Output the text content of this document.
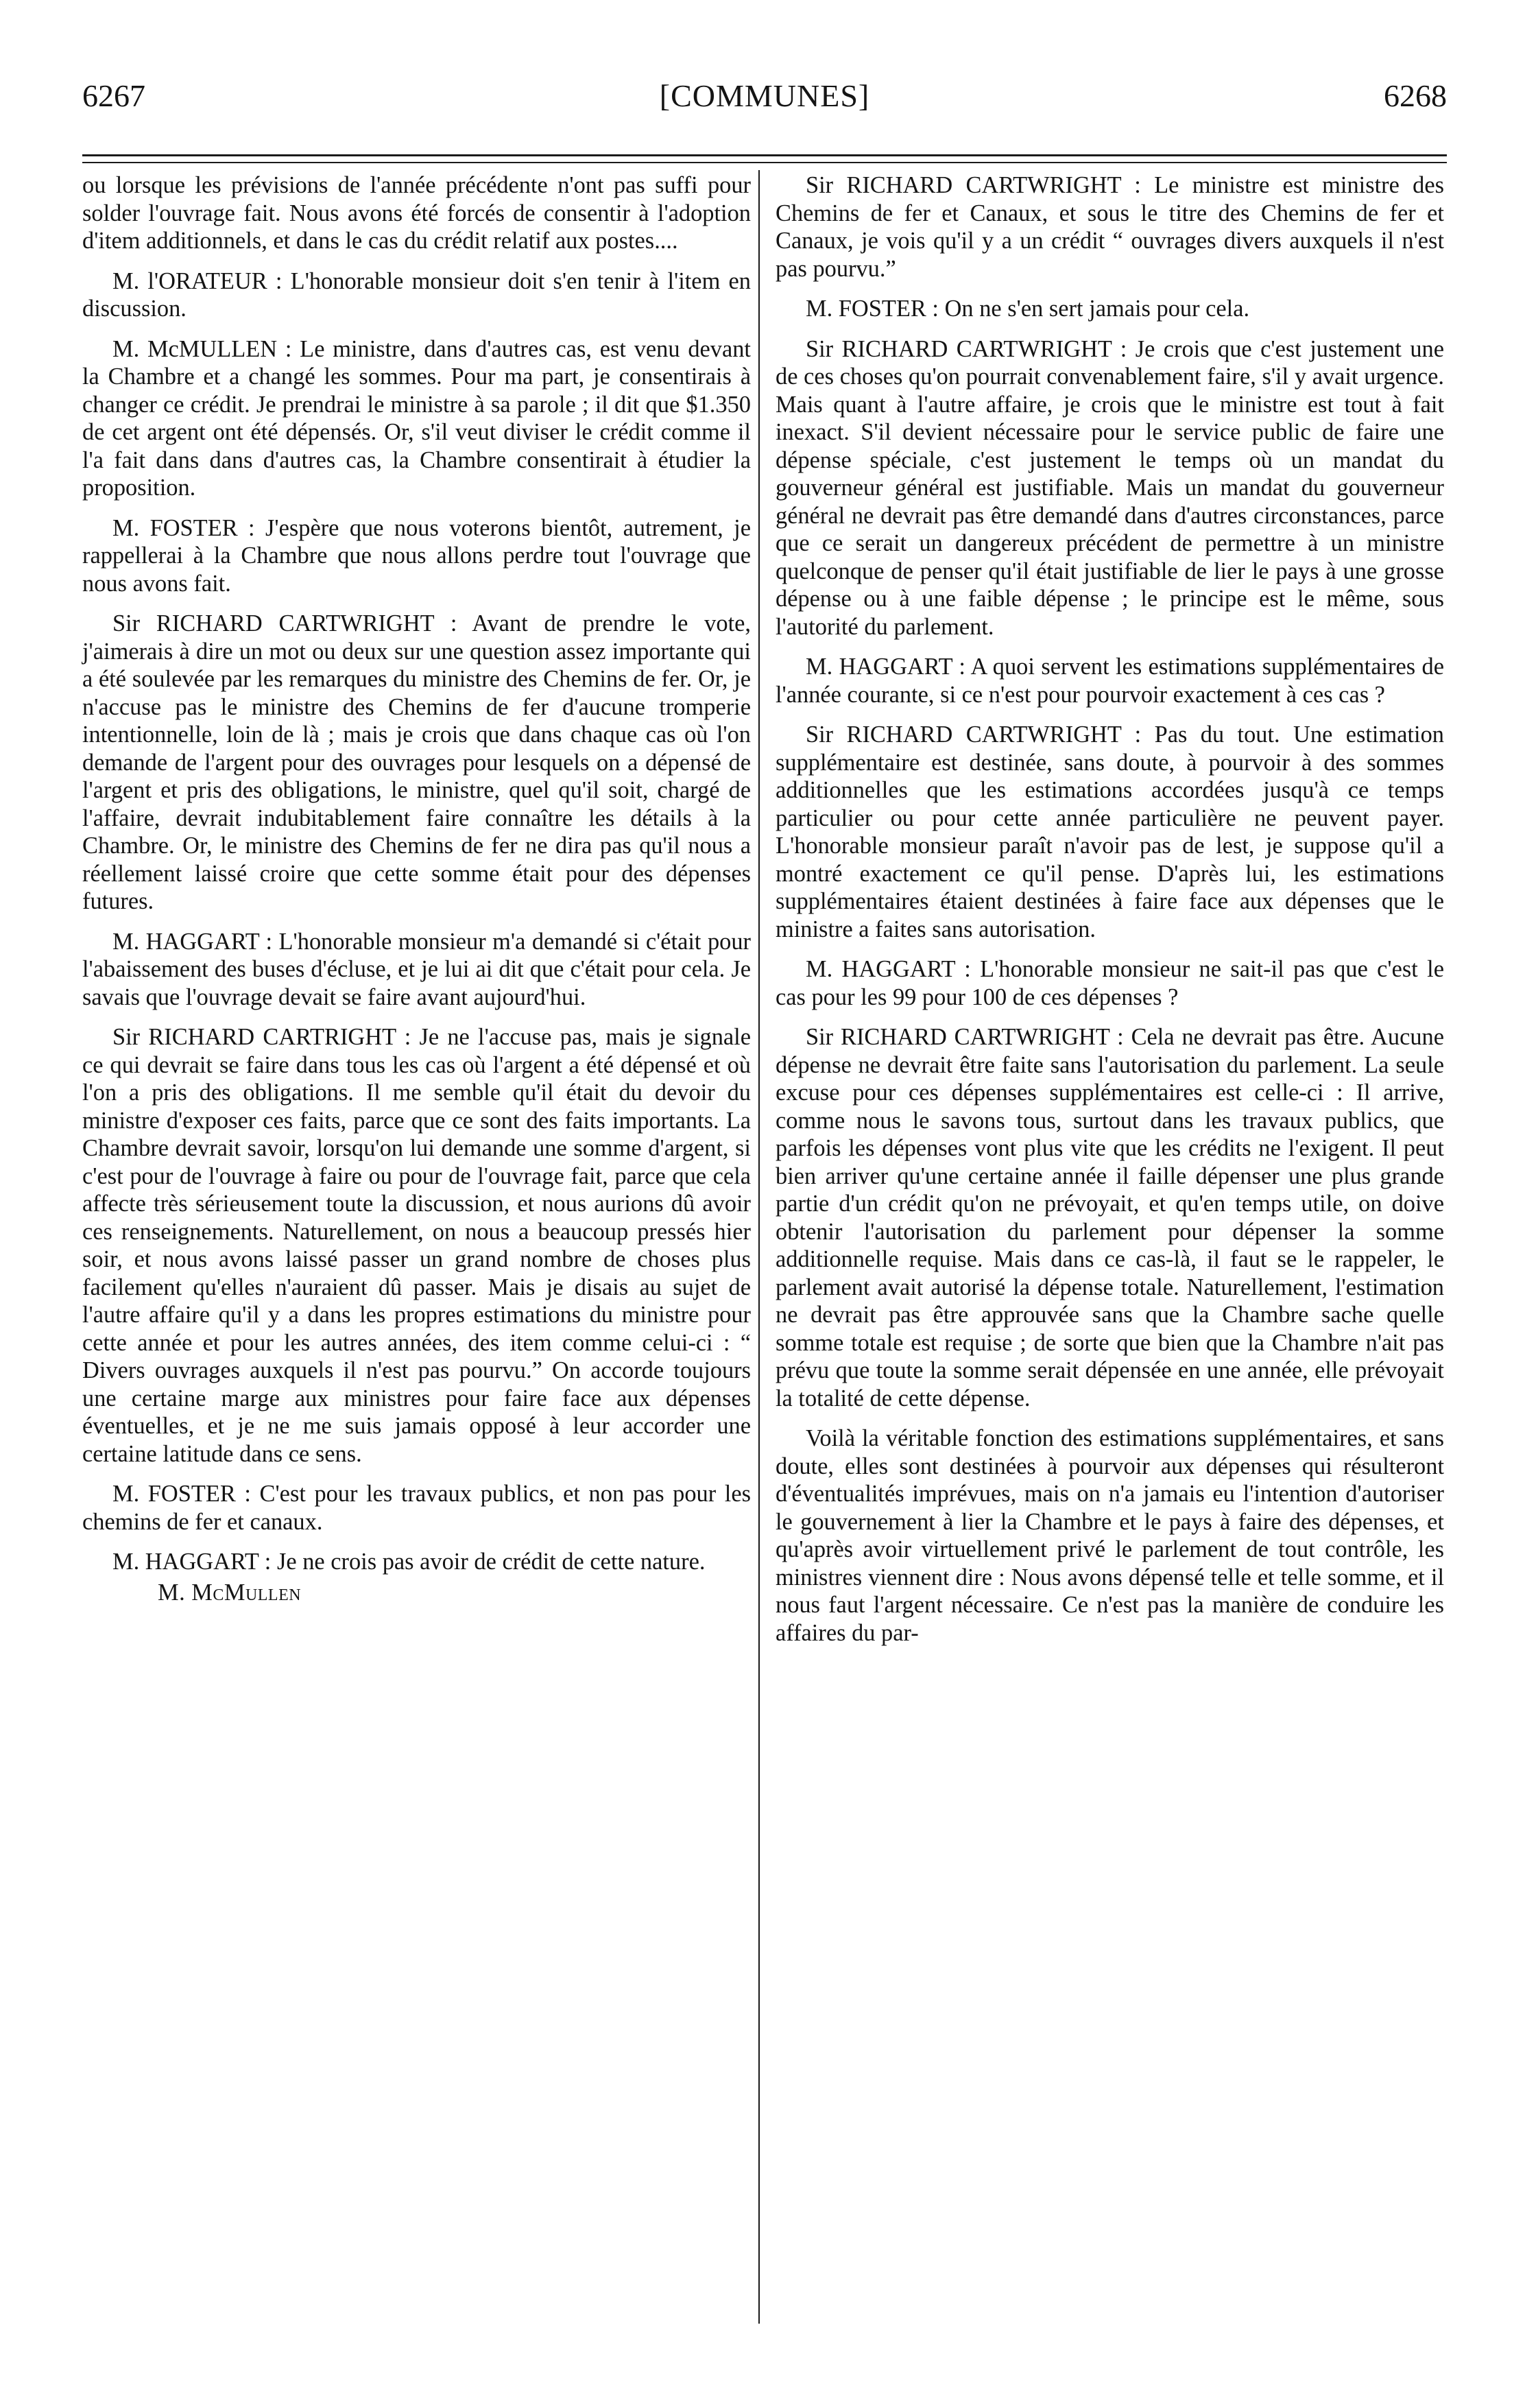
6267	[COMMUNES]	6268

ou lorsque les prévisions de l'année précédente n'ont pas suffi pour solder l'ouvrage fait. Nous avons été forcés de consentir à l'adoption d'item additionnels, et dans le cas du crédit relatif aux postes....

M. l'ORATEUR : L'honorable monsieur doit s'en tenir à l'item en discussion.

M. McMULLEN : Le ministre, dans d'autres cas, est venu devant la Chambre et a changé les sommes. Pour ma part, je consentirais à changer ce crédit. Je prendrai le ministre à sa parole ; il dit que $1.350 de cet argent ont été dépensés. Or, s'il veut diviser le crédit comme il l'a fait dans dans d'autres cas, la Chambre consentirait à étudier la proposition.

M. FOSTER : J'espère que nous voterons bientôt, autrement, je rappellerai à la Chambre que nous allons perdre tout l'ouvrage que nous avons fait.

Sir RICHARD CARTWRIGHT : Avant de prendre le vote, j'aimerais à dire un mot ou deux sur une question assez importante qui a été soulevée par les remarques du ministre des Chemins de fer. Or, je n'accuse pas le ministre des Chemins de fer d'aucune tromperie intentionnelle, loin de là ; mais je crois que dans chaque cas où l'on demande de l'argent pour des ouvrages pour lesquels on a dépensé de l'argent et pris des obligations, le ministre, quel qu'il soit, chargé de l'affaire, devrait indubitablement faire connaître les détails à la Chambre. Or, le ministre des Chemins de fer ne dira pas qu'il nous a réellement laissé croire que cette somme était pour des dépenses futures.

M. HAGGART : L'honorable monsieur m'a demandé si c'était pour l'abaissement des buses d'écluse, et je lui ai dit que c'était pour cela. Je savais que l'ouvrage devait se faire avant aujourd'hui.

Sir RICHARD CARTRIGHT : Je ne l'accuse pas, mais je signale ce qui devrait se faire dans tous les cas où l'argent a été dépensé et où l'on a pris des obligations. Il me semble qu'il était du devoir du ministre d'exposer ces faits, parce que ce sont des faits importants. La Chambre devrait savoir, lorsqu'on lui demande une somme d'argent, si c'est pour de l'ouvrage à faire ou pour de l'ouvrage fait, parce que cela affecte très sérieusement toute la discussion, et nous aurions dû avoir ces renseignements. Naturellement, on nous a beaucoup pressés hier soir, et nous avons laissé passer un grand nombre de choses plus facilement qu'elles n'auraient dû passer. Mais je disais au sujet de l'autre affaire qu'il y a dans les propres estimations du ministre pour cette année et pour les autres années, des item comme celui-ci : “ Divers ouvrages auxquels il n'est pas pourvu.” On accorde toujours une certaine marge aux ministres pour faire face aux dépenses éventuelles, et je ne me suis jamais opposé à leur accorder une certaine latitude dans ce sens.

M. FOSTER : C'est pour les travaux publics, et non pas pour les chemins de fer et canaux.

M. HAGGART : Je ne crois pas avoir de crédit de cette nature.

M. McMullen

Sir RICHARD CARTWRIGHT : Le ministre est ministre des Chemins de fer et Canaux, et sous le titre des Chemins de fer et Canaux, je vois qu'il y a un crédit “ ouvrages divers auxquels il n'est pas pourvu.”

M. FOSTER : On ne s'en sert jamais pour cela.

Sir RICHARD CARTWRIGHT : Je crois que c'est justement une de ces choses qu'on pourrait convenablement faire, s'il y avait urgence. Mais quant à l'autre affaire, je crois que le ministre est tout à fait inexact. S'il devient nécessaire pour le service public de faire une dépense spéciale, c'est justement le temps où un mandat du gouverneur général est justifiable. Mais un mandat du gouverneur général ne devrait pas être demandé dans d'autres circonstances, parce que ce serait un dangereux précédent de permettre à un ministre quelconque de penser qu'il était justifiable de lier le pays à une grosse dépense ou à une faible dépense ; le principe est le même, sous l'autorité du parlement.

M. HAGGART : A quoi servent les estimations supplémentaires de l'année courante, si ce n'est pour pourvoir exactement à ces cas ?

Sir RICHARD CARTWRIGHT : Pas du tout. Une estimation supplémentaire est destinée, sans doute, à pourvoir à des sommes additionnelles que les estimations accordées jusqu'à ce temps particulier ou pour cette année particulière ne peuvent payer. L'honorable monsieur paraît n'avoir pas de lest, je suppose qu'il a montré exactement ce qu'il pense. D'après lui, les estimations supplémentaires étaient destinées à faire face aux dépenses que le ministre a faites sans autorisation.

M. HAGGART : L'honorable monsieur ne sait-il pas que c'est le cas pour les 99 pour 100 de ces dépenses ?

Sir RICHARD CARTWRIGHT : Cela ne devrait pas être. Aucune dépense ne devrait être faite sans l'autorisation du parlement. La seule excuse pour ces dépenses supplémentaires est celle-ci : Il arrive, comme nous le savons tous, surtout dans les travaux publics, que parfois les dépenses vont plus vite que les crédits ne l'exigent. Il peut bien arriver qu'une certaine année il faille dépenser une plus grande partie d'un crédit qu'on ne prévoyait, et qu'en temps utile, on doive obtenir l'autorisation du parlement pour dépenser la somme additionnelle requise. Mais dans ce cas-là, il faut se le rappeler, le parlement avait autorisé la dépense totale. Naturellement, l'estimation ne devrait pas être approuvée sans que la Chambre sache quelle somme totale est requise ; de sorte que bien que la Chambre n'ait pas prévu que toute la somme serait dépensée en une année, elle prévoyait la totalité de cette dépense.

Voilà la véritable fonction des estimations supplémentaires, et sans doute, elles sont destinées à pourvoir aux dépenses qui résulteront d'éventualités imprévues, mais on n'a jamais eu l'intention d'autoriser le gouvernement à lier la Chambre et le pays à faire des dépenses, et qu'après avoir virtuellement privé le parlement de tout contrôle, les ministres viennent dire : Nous avons dépensé telle et telle somme, et il nous faut l'argent nécessaire. Ce n'est pas la manière de conduire les affaires du par-
